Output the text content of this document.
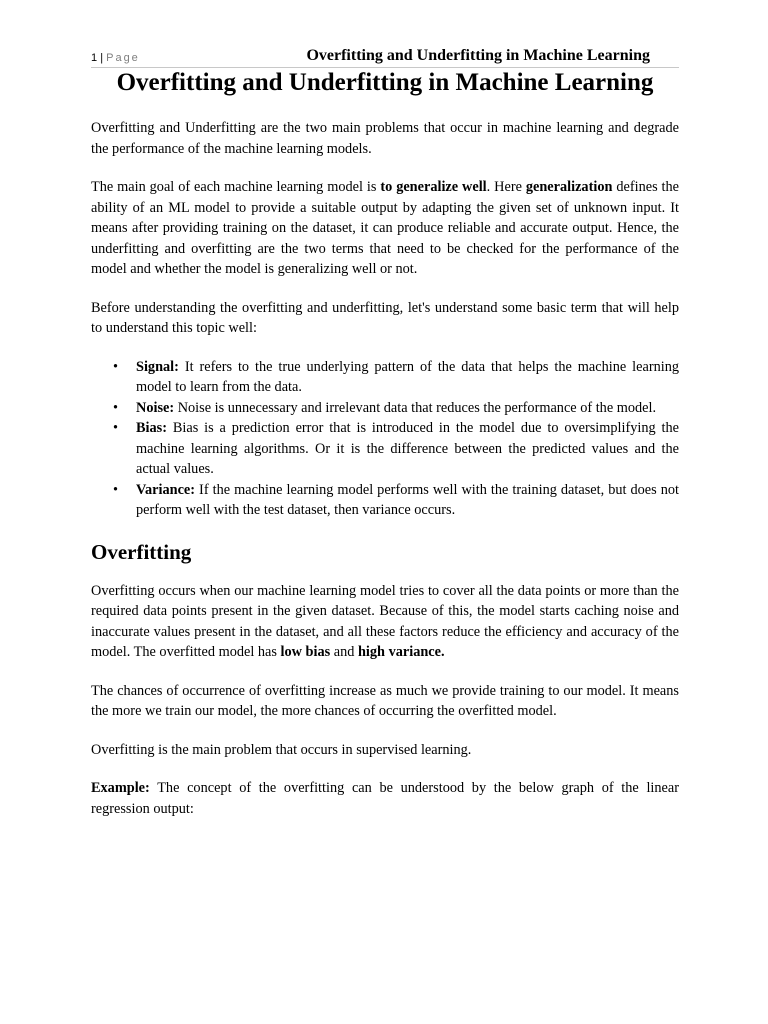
1 | Page	Overfitting and Underfitting in Machine Learning
Overfitting and Underfitting in Machine Learning

Overfitting and Underfitting are the two main problems that occur in machine learning and degrade the performance of the machine learning models.

The main goal of each machine learning model is to generalize well. Here generalization defines the ability of an ML model to provide a suitable output by adapting the given set of unknown input. It means after providing training on the dataset, it can produce reliable and accurate output. Hence, the underfitting and overfitting are the two terms that need to be checked for the performance of the model and whether the model is generalizing well or not.

Before understanding the overfitting and underfitting, let's understand some basic term that will help to understand this topic well:

• Signal: It refers to the true underlying pattern of the data that helps the machine learning model to learn from the data.
• Noise: Noise is unnecessary and irrelevant data that reduces the performance of the model.
• Bias: Bias is a prediction error that is introduced in the model due to oversimplifying the machine learning algorithms. Or it is the difference between the predicted values and the actual values.
• Variance: If the machine learning model performs well with the training dataset, but does not perform well with the test dataset, then variance occurs.
Overfitting

Overfitting occurs when our machine learning model tries to cover all the data points or more than the required data points present in the given dataset. Because of this, the model starts caching noise and inaccurate values present in the dataset, and all these factors reduce the efficiency and accuracy of the model. The overfitted model has low bias and high variance.

The chances of occurrence of overfitting increase as much we provide training to our model. It means the more we train our model, the more chances of occurring the overfitted model.

Overfitting is the main problem that occurs in supervised learning.

Example: The concept of the overfitting can be understood by the below graph of the linear regression output:
